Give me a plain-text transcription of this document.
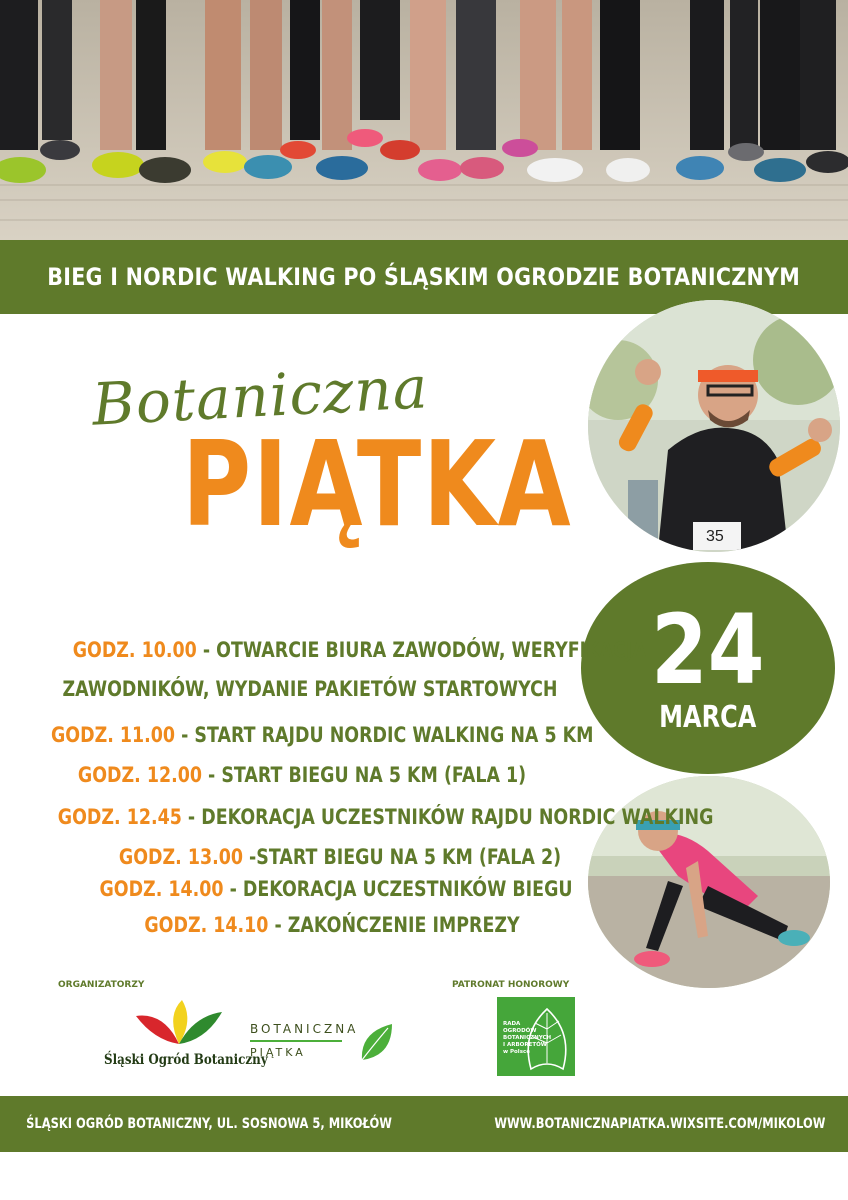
BIEG I NORDIC WALKING PO ŚLĄSKIM OGRODZIE BOTANICZNYM
Botaniczna
PIĄTKA	35
24
MARCA
GODZ. 10.00 - OTWARCIE BIURA ZAWODÓW, WERYFIKACJA
ZAWODNIKÓW, WYDANIE PAKIETÓW STARTOWYCH
GODZ. 11.00 - START RAJDU NORDIC WALKING NA 5 KM
GODZ. 12.00 - START BIEGU NA 5 KM (FALA 1)
GODZ. 12.45 - DEKORACJA UCZESTNIKÓW RAJDU NORDIC WALKING
GODZ. 13.00 -START BIEGU NA 5 KM (FALA 2)
GODZ. 14.00 - DEKORACJA UCZESTNIKÓW BIEGU
GODZ. 14.10 - ZAKOŃCZENIE IMPREZY
ORGANIZATORZY
Śląski Ogród Botaniczny
BOTANICZNA
PIĄTKA
PATRONAT HONOROWY
RADA
OGRODÓW
BOTANICZNYCH
I ARBORETÓW
w Polsce
ŚLĄSKI OGRÓD BOTANICZNY, UL. SOSNOWA 5, MIKOŁÓW	WWW.BOTANICZNAPIATKA.WIXSITE.COM/MIKOLOW
